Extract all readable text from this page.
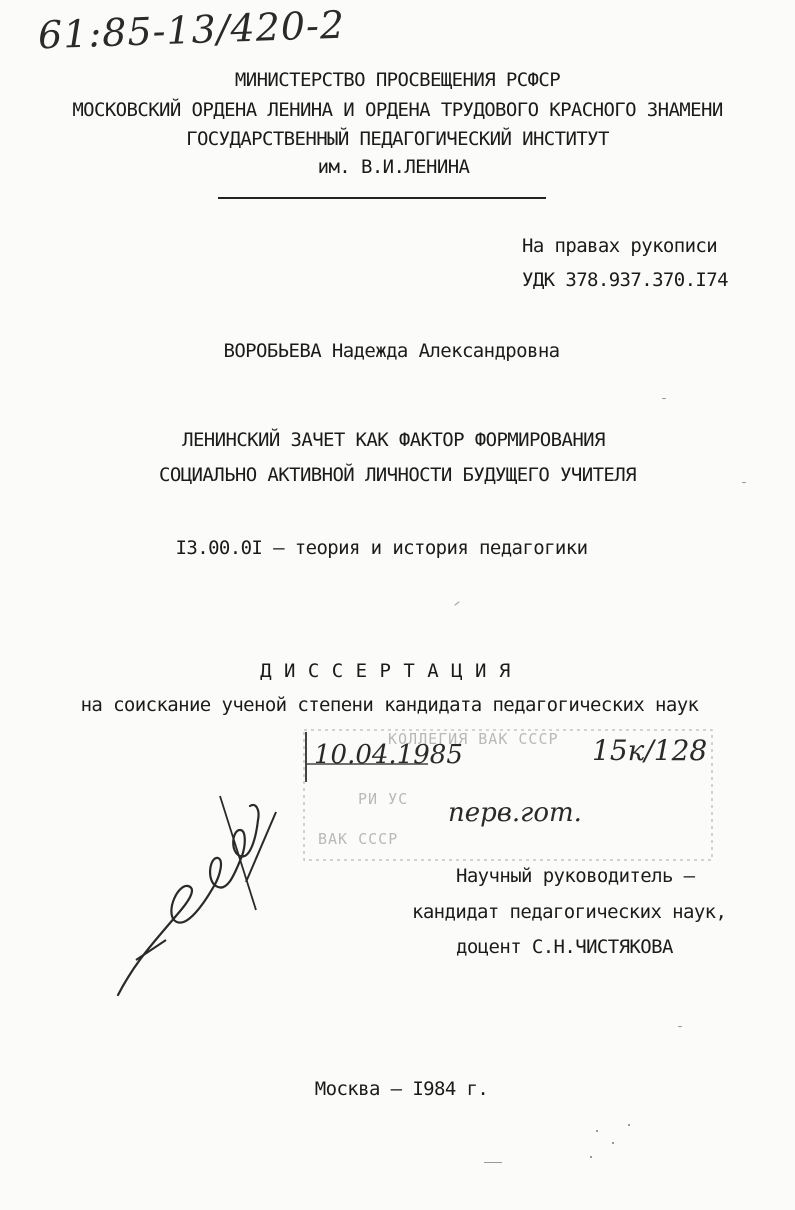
61:85-13/420-2
МИНИСТЕРСТВО ПРОСВЕЩЕНИЯ РСФСР
МОСКОВСКИЙ ОРДЕНА ЛЕНИНА И ОРДЕНА ТРУДОВОГО КРАСНОГО ЗНАМЕНИ
ГОСУДАРСТВЕННЫЙ ПЕДАГОГИЧЕСКИЙ ИНСТИТУТ
им. В.И.ЛЕНИНА
На правах рукописи
УДК 378.937.370.I74
ВОРОБЬЕВА Надежда Александровна
ЛЕНИНСКИЙ ЗАЧЕТ КАК ФАКТОР ФОРМИРОВАНИЯ
СОЦИАЛЬНО АКТИВНОЙ ЛИЧНОСТИ БУДУЩЕГО УЧИТЕЛЯ
I3.00.0I – теория и история педагогики
Д И С С Е Р Т А Ц И Я
на соискание ученой степени кандидата педагогических наук
КОЛЛЕГИЯ ВАК СССР
РИ УС
ВАК СССР
10.04.1985	15к/128
перв.гот.
Научный руководитель –
кандидат педагогических наук,
доцент С.Н.ЧИСТЯКОВА
Москва – I984 г.
